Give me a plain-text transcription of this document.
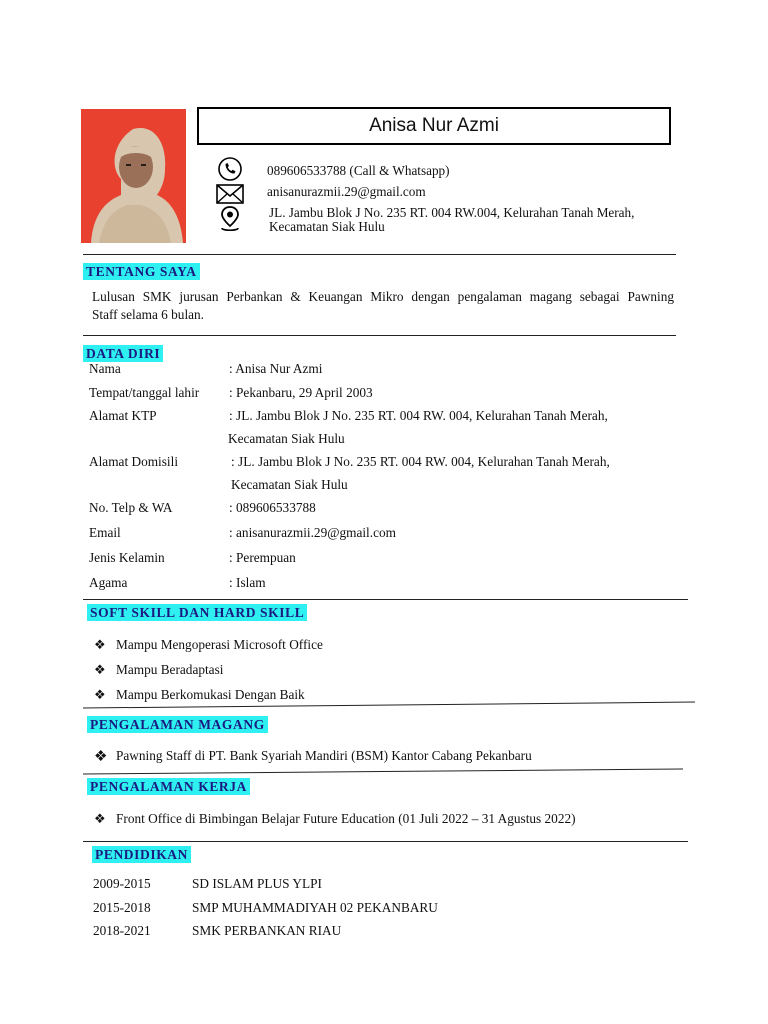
Anisa Nur Azmi
089606533788 (Call & Whatsapp)
anisanurazmii.29@gmail.com
JL. Jambu Blok J No. 235 RT. 004 RW.004, Kelurahan Tanah Merah,
Kecamatan Siak Hulu
TENTANG SAYA
Lulusan SMK jurusan Perbankan & Keuangan Mikro dengan pengalaman magang sebagai Pawning
Staff selama 6 bulan.
DATA DIRI
Nama	: Anisa Nur Azmi
Tempat/tanggal lahir : Pekanbaru, 29 April 2003
Alamat KTP	: JL. Jambu Blok J No. 235 RT. 004 RW. 004, Kelurahan Tanah Merah,
Kecamatan Siak Hulu
Alamat Domisili	: JL. Jambu Blok J No. 235 RT. 004 RW. 004, Kelurahan Tanah Merah,
Kecamatan Siak Hulu
No. Telp & WA	: 089606533788
Email	: anisanurazmii.29@gmail.com
Jenis Kelamin	: Perempuan
Agama	: Islam
SOFT SKILL DAN HARD SKILL
❖ Mampu Mengoperasi Microsoft Office
❖ Mampu Beradaptasi
❖ Mampu Berkomukasi Dengan Baik
PENGALAMAN MAGANG
❖ Pawning Staff di PT. Bank Syariah Mandiri (BSM) Kantor Cabang Pekanbaru
PENGALAMAN KERJA
❖ Front Office di Bimbingan Belajar Future Education (01 Juli 2022 – 31 Agustus 2022)
PENDIDIKAN
2009-2015	SD ISLAM PLUS YLPI
2015-2018	SMP MUHAMMADIYAH 02 PEKANBARU
2018-2021	SMK PERBANKAN RIAU
